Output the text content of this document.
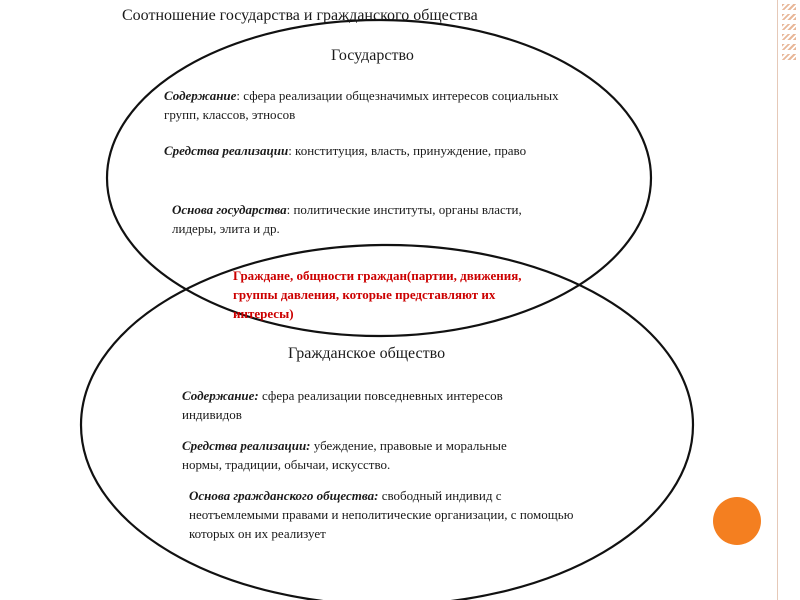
Соотношение государства и гражданского общества
Государство
Содержание: сфера реализации общезначимых интересов социальных групп, классов, этносов
Средства реализации: конституция, власть, принуждение, право
Основа государства: политические институты, органы власти, лидеры, элита и др.
Граждане, общности граждан(партии, движения, группы давления, которые представляют их интересы)
Гражданское общество
Содержание: сфера реализации повседневных интересов индивидов
Средства реализации: убеждение, правовые и моральные нормы, традиции, обычаи, искусство.
Основа гражданского общества: свободный индивид с неотъемлемыми правами и неполитические организации, с помощью которых он их реализует
